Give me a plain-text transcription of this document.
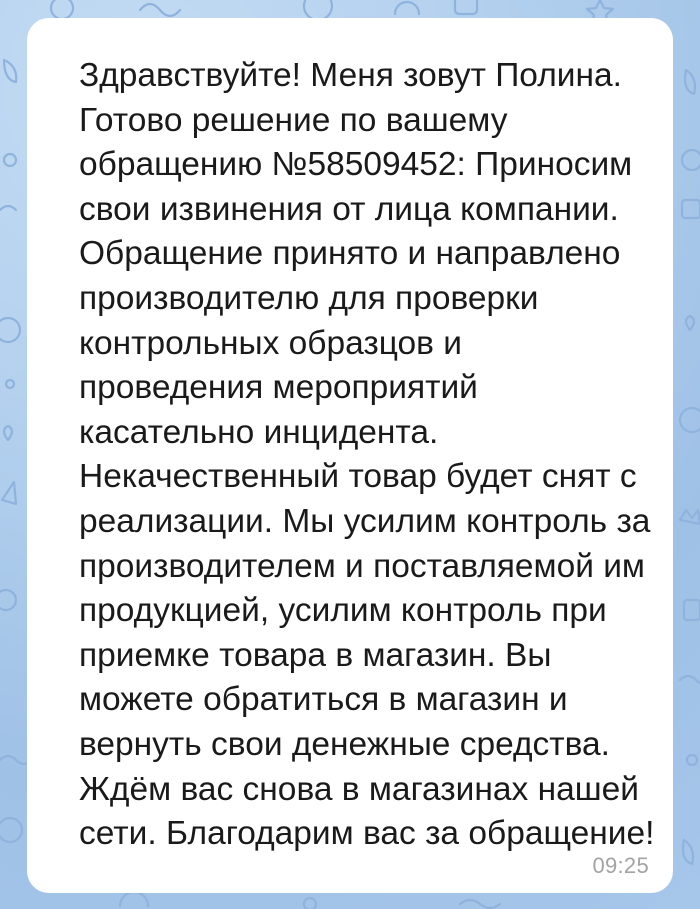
Здравствуйте! Меня зовут Полина.
Готово решение по вашему
обращению №58509452: Приносим
свои извинения от лица компании.
Обращение принято и направлено
производителю для проверки
контрольных образцов и
проведения мероприятий
касательно инцидента.
Некачественный товар будет снят с
реализации. Мы усилим контроль за
производителем и поставляемой им
продукцией, усилим контроль при
приемке товара в магазин. Вы
можете обратиться в магазин и
вернуть свои денежные средства.
Ждём вас снова в магазинах нашей
сети. Благодарим вас за обращение!

09:25
